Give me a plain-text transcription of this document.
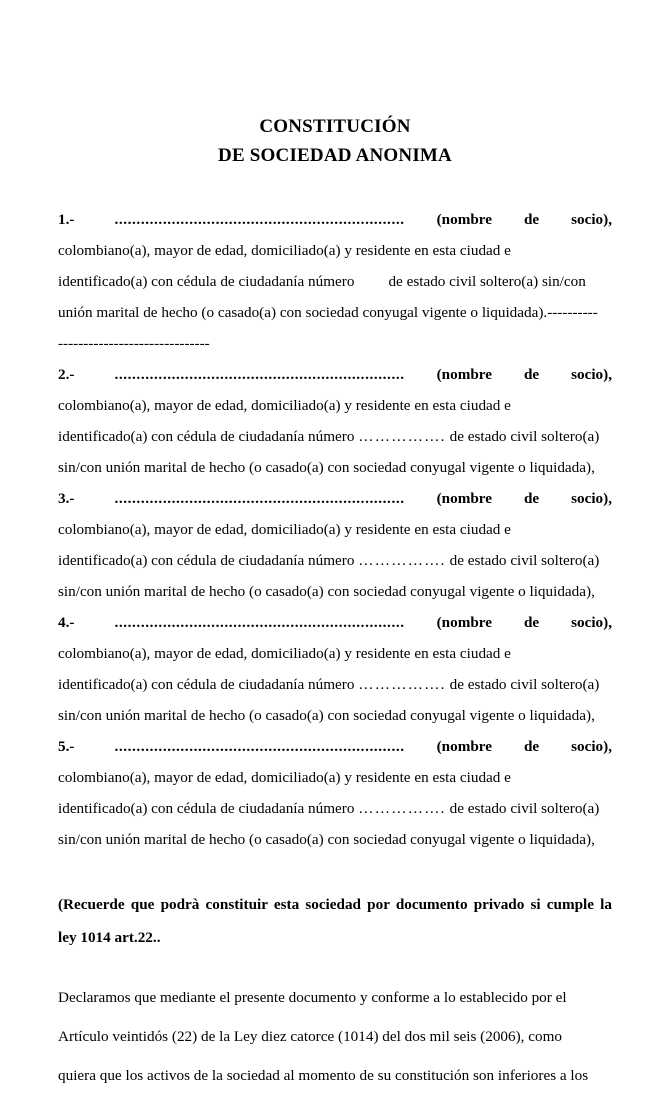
CONSTITUCIÓN
DE SOCIEDAD ANONIMA

1.-	.................................................................. (nombre de socio),
colombiano(a), mayor de edad, domiciliado(a) y residente en esta ciudad e
identificado(a) con cédula de ciudadanía número de estado civil soltero(a) sin/con
unión marital de hecho (o casado(a) con sociedad conyugal vigente o liquidada).----------
------------------------------

2.-	.................................................................. (nombre de socio),
colombiano(a), mayor de edad, domiciliado(a) y residente en esta ciudad e
identificado(a) con cédula de ciudadanía número ……………. de estado civil soltero(a)
sin/con unión marital de hecho (o casado(a) con sociedad conyugal vigente o liquidada),

3.-	.................................................................. (nombre de socio),
colombiano(a), mayor de edad, domiciliado(a) y residente en esta ciudad e
identificado(a) con cédula de ciudadanía número ……………. de estado civil soltero(a)
sin/con unión marital de hecho (o casado(a) con sociedad conyugal vigente o liquidada),

4.-	.................................................................. (nombre de socio),
colombiano(a), mayor de edad, domiciliado(a) y residente en esta ciudad e
identificado(a) con cédula de ciudadanía número ……………. de estado civil soltero(a)
sin/con unión marital de hecho (o casado(a) con sociedad conyugal vigente o liquidada),

5.-	.................................................................. (nombre de socio),
colombiano(a), mayor de edad, domiciliado(a) y residente en esta ciudad e
identificado(a) con cédula de ciudadanía número ……………. de estado civil soltero(a)
sin/con unión marital de hecho (o casado(a) con sociedad conyugal vigente o liquidada),

(Recuerde que podrà constituir esta sociedad por documento privado si cumple la
ley 1014 art.22..

Declaramos que mediante el presente documento y conforme a lo establecido por el
Artículo veintidós (22) de la Ley diez catorce (1014) del dos mil seis (2006), como
quiera que los activos de la sociedad al momento de su constitución son inferiores a los
